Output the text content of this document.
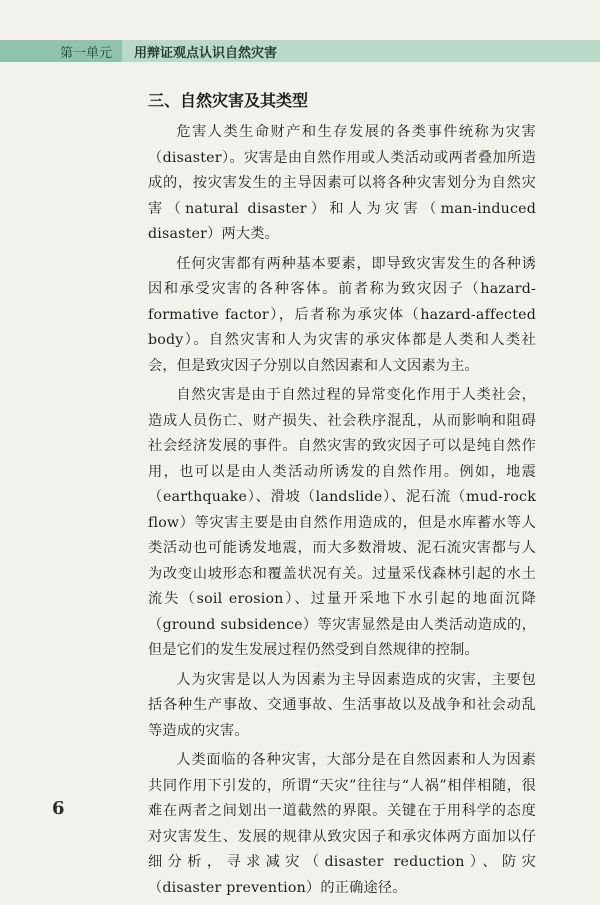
第一单元	用辩证观点认识自然灾害
三、自然灾害及其类型

危害人类生命财产和生存发展的各类事件统称为灾害（disaster）。灾害是由自然作用或人类活动或两者叠加所造成的，按灾害发生的主导因素可以将各种灾害划分为自然灾害（natural disaster）和人为灾害（man-induced disaster）两大类。

任何灾害都有两种基本要素，即导致灾害发生的各种诱因和承受灾害的各种客体。前者称为致灾因子（hazard-formative factor），后者称为承灾体（hazard-affected body）。自然灾害和人为灾害的承灾体都是人类和人类社会，但是致灾因子分别以自然因素和人文因素为主。

自然灾害是由于自然过程的异常变化作用于人类社会，造成人员伤亡、财产损失、社会秩序混乱，从而影响和阻碍社会经济发展的事件。自然灾害的致灾因子可以是纯自然作用，也可以是由人类活动所诱发的自然作用。例如，地震（earthquake）、滑坡（landslide）、泥石流（mud-rock flow）等灾害主要是由自然作用造成的，但是水库蓄水等人类活动也可能诱发地震，而大多数滑坡、泥石流灾害都与人为改变山坡形态和覆盖状况有关。过量采伐森林引起的水土流失（soil erosion）、过量开采地下水引起的地面沉降（ground subsidence）等灾害显然是由人类活动造成的，但是它们的发生发展过程仍然受到自然规律的控制。

人为灾害是以人为因素为主导因素造成的灾害，主要包括各种生产事故、交通事故、生活事故以及战争和社会动乱等造成的灾害。

人类面临的各种灾害，大部分是在自然因素和人为因素共同作用下引发的，所谓“天灾”往往与“人祸”相伴相随，很难在两者之间划出一道截然的界限。关键在于用科学的态度对灾害发生、发展的规律从致灾因子和承灾体两方面加以仔细分析，寻求减灾（disaster reduction）、防灾（disaster prevention）的正确途径。

6
